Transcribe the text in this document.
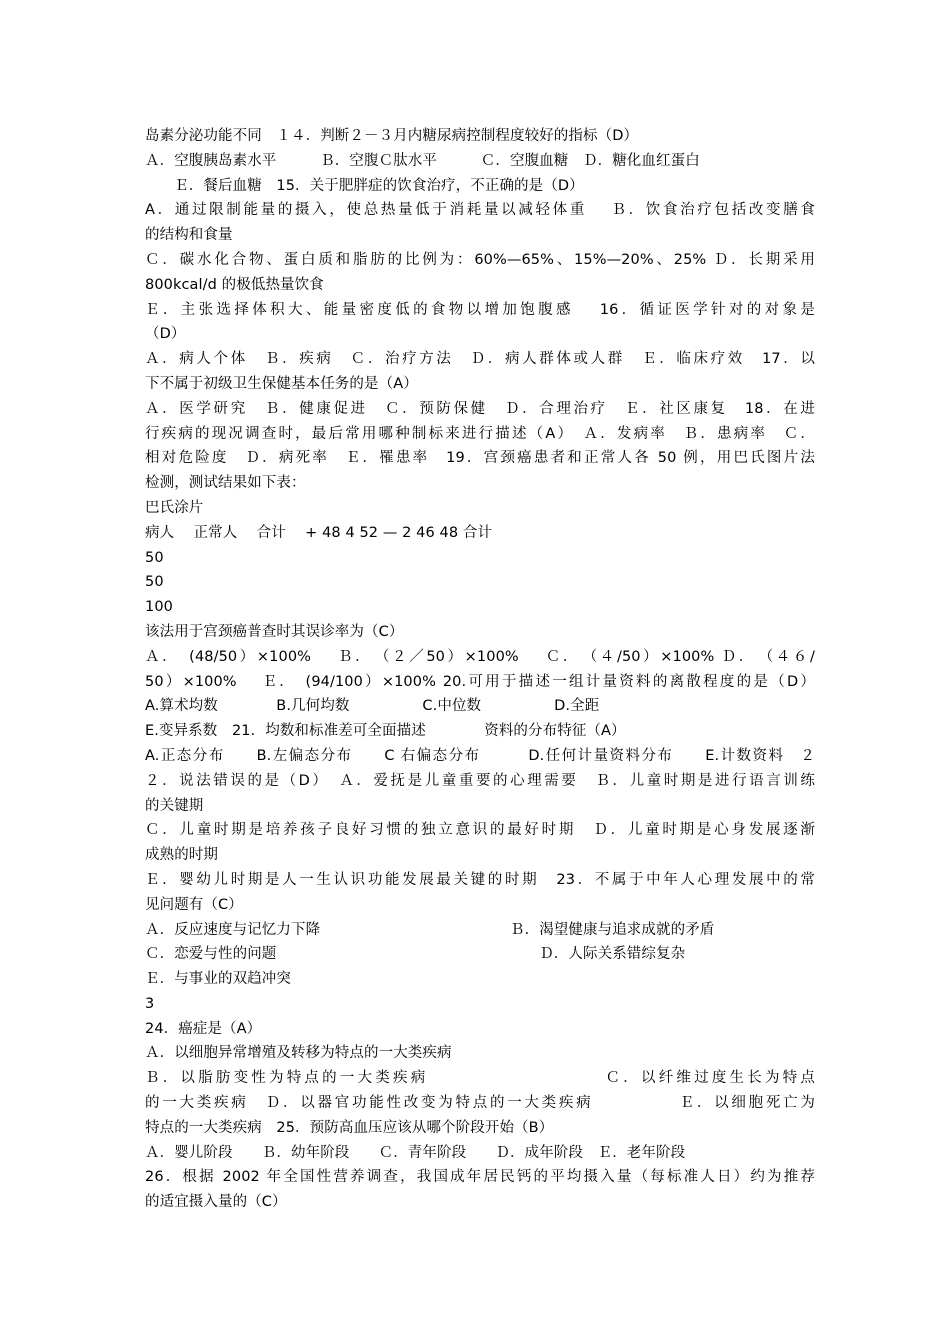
岛素分泌功能不同　１４．判断２－３月内糖尿病控制程度较好的指标（D）
Ａ．空腹胰岛素水平　　　Ｂ．空腹Ｃ肽水平　　　Ｃ．空腹血糖　Ｄ．糖化血红蛋白
　　Ｅ．餐后血糖　15．关于肥胖症的饮食治疗，不正确的是（D）
A．通过限制能量的摄入，使总热量低于消耗量以减轻体重　 Ｂ．饮食治疗包括改变膳食
的结构和食量
Ｃ．碳水化合物、蛋白质和脂肪的比例为：60%—65%、15%—20%、25% Ｄ．长期采用
800kcal/d 的极低热量饮食
Ｅ．主张选择体积大、能量密度低的食物以增加饱腹感　 16．循证医学针对的对象是
（D）
Ａ．病人个体　Ｂ．疾病　Ｃ．治疗方法　Ｄ．病人群体或人群　Ｅ．临床疗效　17．以
下不属于初级卫生保健基本任务的是（A）
Ａ．医学研究　Ｂ．健康促进　Ｃ．预防保健　Ｄ．合理治疗　Ｅ．社区康复　18．在进
行疾病的现况调查时，最后常用哪种制标来进行描述（A）　Ａ．发病率　Ｂ．患病率　Ｃ．
相对危险度　Ｄ．病死率　Ｅ．罹患率　19．宫颈癌患者和正常人各 50 例，用巴氏图片法
检测，测试结果如下表：
巴氏涂片
病人　 正常人　 合计　 + 48 4 52 — 2 46 48 合计
50
50
100
该法用于宫颈癌普查时其误诊率为（C）
Ａ．　(48/50）×100%　 Ｂ．　（２／50）×100%　 Ｃ．　（４/50）×100% Ｄ．　（４６/
50）×100%　 Ｅ．　(94/100）×100% 20.可用于描述一组计量资料的离散程度的是（D）
A.算术均数　　　　B.几何均数　　　　　C.中位数　　　　　D.全距
E.变异系数　21．均数和标准差可全面描述　　　　资料的分布特征（A）
A.正态分布　　B.左偏态分布　　C 右偏态分布　　　D.任何计量资料分布　　E.计数资料　２
２．说法错误的是（D）　Ａ．爱抚是儿童重要的心理需要　Ｂ．儿童时期是进行语言训练
的关键期
Ｃ．儿童时期是培养孩子良好习惯的独立意识的最好时期　Ｄ．儿童时期是心身发展逐渐
成熟的时期
Ｅ．婴幼儿时期是人一生认识功能发展最关键的时期　23．不属于中年人心理发展中的常
见问题有（C）
Ａ．反应速度与记忆力下降　　　　　　　　　　　　　Ｂ．渴望健康与追求成就的矛盾
Ｃ．恋爱与性的问题　　　　　　　　　　　　　　　　　　Ｄ．人际关系错综复杂
Ｅ．与事业的双趋冲突
3
24．癌症是（A）
Ａ．以细胞异常增殖及转移为特点的一大类疾病
Ｂ．以脂肪变性为特点的一大类疾病　　　　　　　　　　Ｃ．以纤维过度生长为特点
的一大类疾病　Ｄ．以器官功能性改变为特点的一大类疾病　　　　　Ｅ．以细胞死亡为
特点的一大类疾病　25．预防高血压应该从哪个阶段开始（B）
Ａ．婴儿阶段　　Ｂ．幼年阶段　　Ｃ．青年阶段　　Ｄ．成年阶段　Ｅ．老年阶段
26．根据 2002 年全国性营养调查，我国成年居民钙的平均摄入量（每标准人日）约为推荐
的适宜摄入量的（C）
